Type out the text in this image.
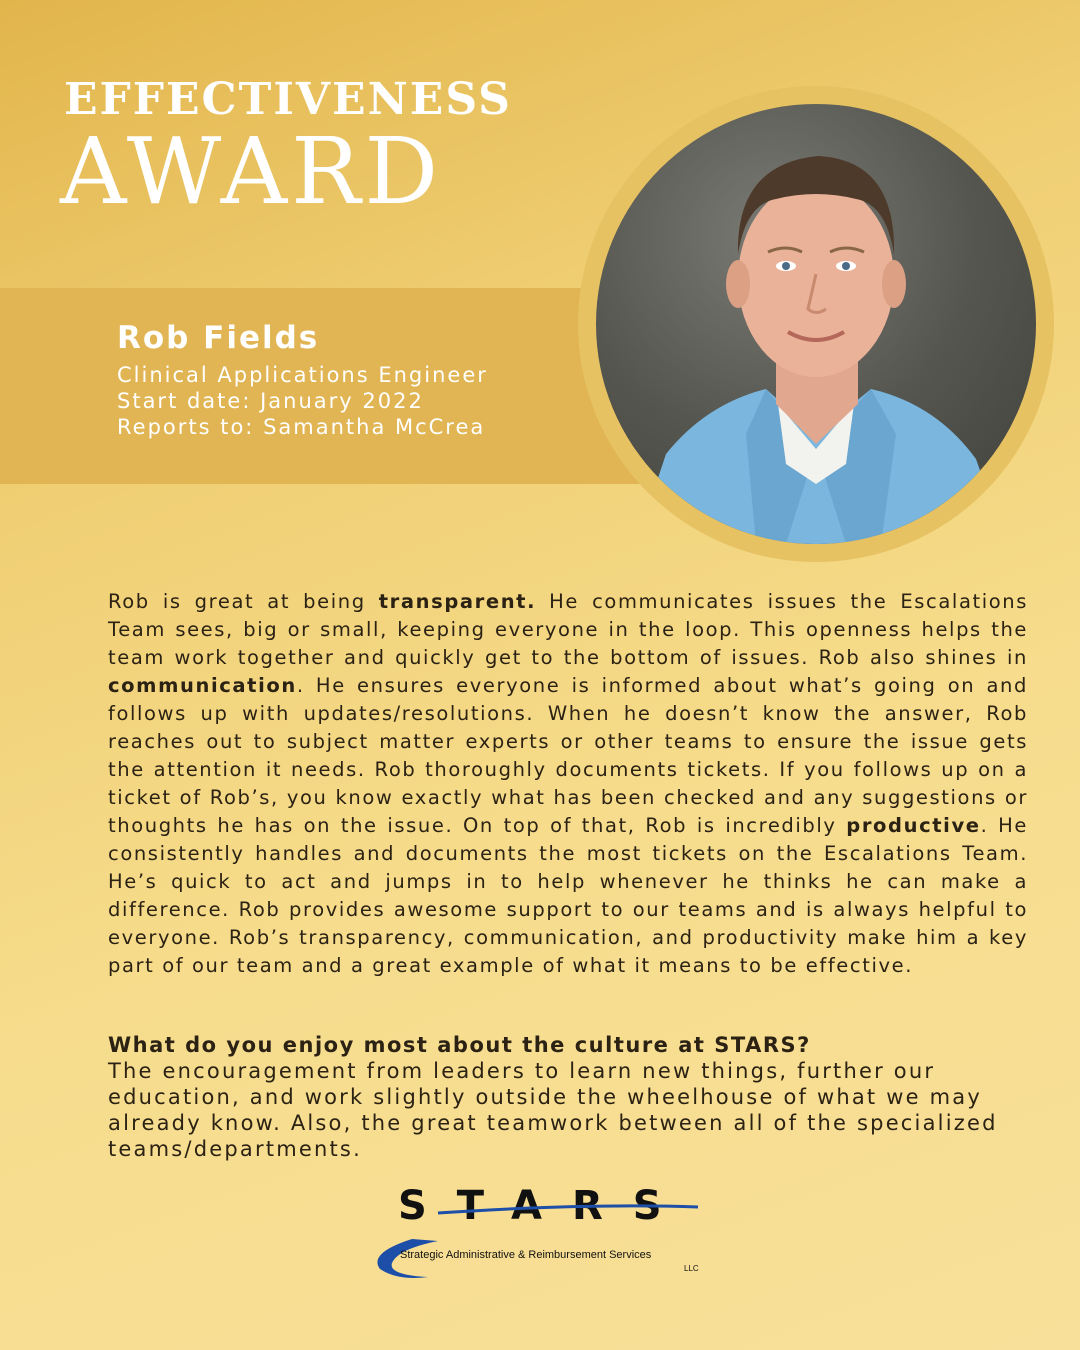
EFFECTIVENESS
AWARD
Rob Fields
Clinical Applications Engineer
Start date: January 2022
Reports to: Samantha McCrea

Rob is great at being transparent. He communicates issues the Escalations Team sees, big or small, keeping everyone in the loop. This openness helps the team work together and quickly get to the bottom of issues. Rob also shines in communication. He ensures everyone is informed about what’s going on and follows up with updates/resolutions. When he doesn’t know the answer, Rob reaches out to subject matter experts or other teams to ensure the issue gets the attention it needs. Rob thoroughly documents tickets. If you follows up on a ticket of Rob’s, you know exactly what has been checked and any suggestions or thoughts he has on the issue. On top of that, Rob is incredibly productive. He consistently handles and documents the most tickets on the Escalations Team. He’s quick to act and jumps in to help whenever he thinks he can make a difference. Rob provides awesome support to our teams and is always helpful to everyone. Rob’s transparency, communication, and productivity make him a key part of our team and a great example of what it means to be effective.

What do you enjoy most about the culture at STARS?

The encouragement from leaders to learn new things, further our education, and work slightly outside the wheelhouse of what we may already know. Also, the great teamwork between all of the specialized teams/departments.

STARS
Strategic Administrative & Reimbursement Services
LLC
